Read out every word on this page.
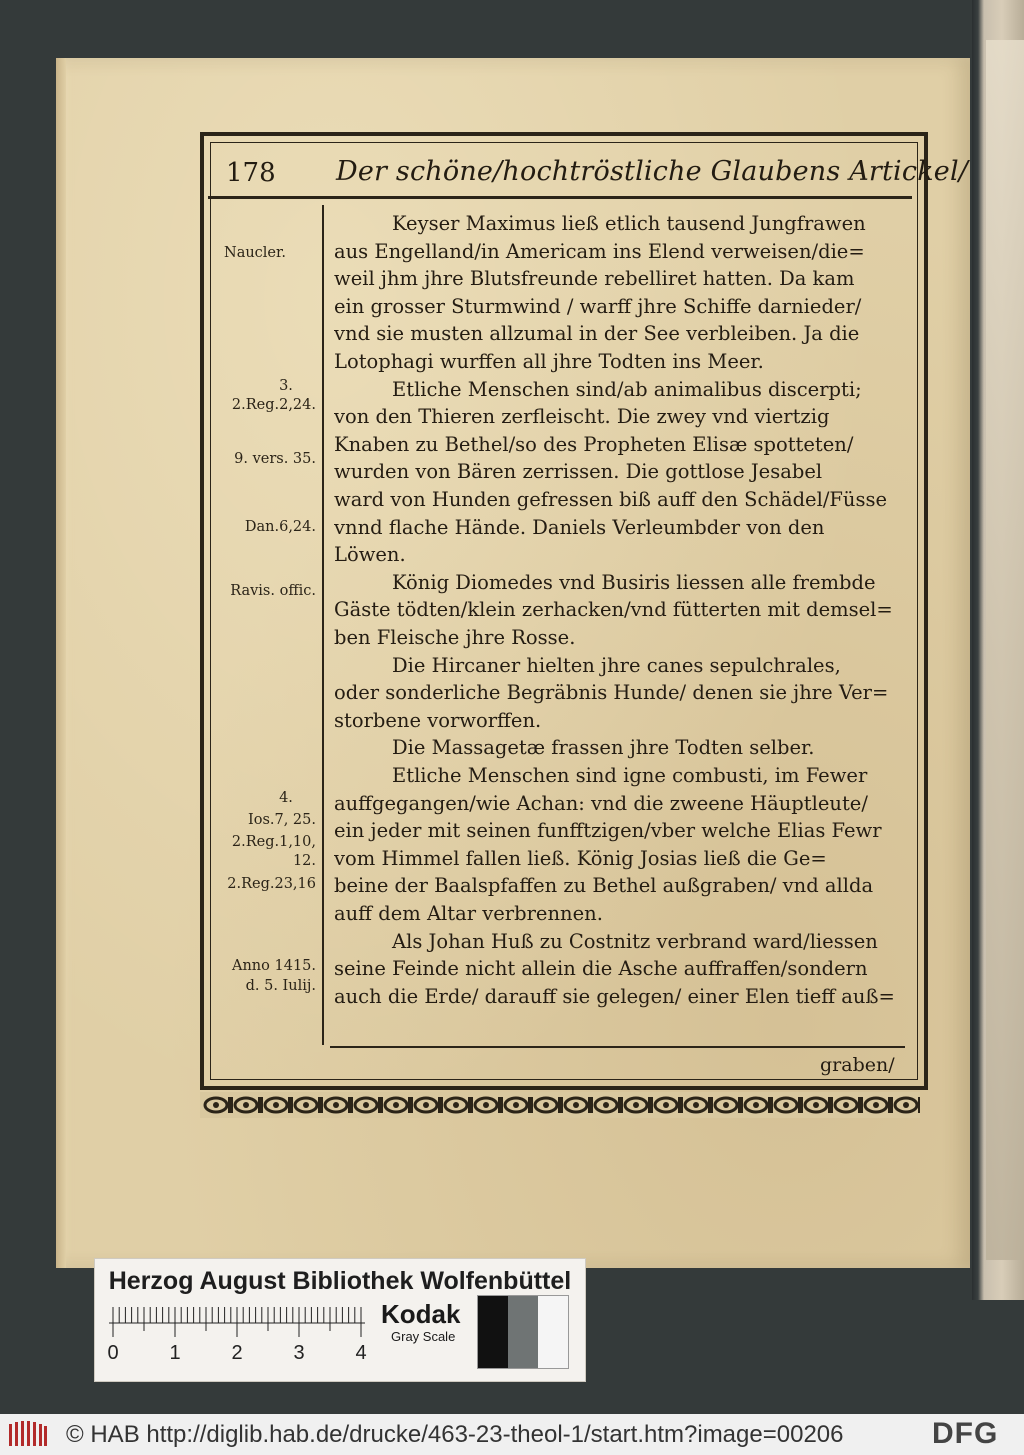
178 Der schöne/hochtröstliche Glaubens Artickel/
Keyser Maximus ließ etlich tausend Jungfrawen
aus Engelland/in Americam ins Elend verweisen/die=
weil jhm jhre Blutsfreunde rebelliret hatten. Da kam
ein grosser Sturmwind / warff jhre Schiffe darnieder/
vnd sie musten allzumal in der See verbleiben. Ja die
Lotophagi wurffen all jhre Todten ins Meer.
Etliche Menschen sind/ab animalibus discerpti;
von den Thieren zerfleischt. Die zwey vnd viertzig
Knaben zu Bethel/so des Propheten Elisæ spotteten/
wurden von Bären zerrissen. Die gottlose Jesabel
ward von Hunden gefressen biß auff den Schädel/Füsse
vnnd flache Hände. Daniels Verleumbder von den
Löwen.
König Diomedes vnd Busiris liessen alle frembde
Gäste tödten/klein zerhacken/vnd fütterten mit demsel=
ben Fleische jhre Rosse.
Die Hircaner hielten jhre canes sepulchrales,
oder sonderliche Begräbnis Hunde/ denen sie jhre Ver=
storbene vorworffen.
Die Massagetæ frassen jhre Todten selber.
Etliche Menschen sind igne combusti, im Fewer
auffgegangen/wie Achan: vnd die zweene Häuptleute/
ein jeder mit seinen funfftzigen/vber welche Elias Fewr
vom Himmel fallen ließ. König Josias ließ die Ge=
beine der Baalspfaffen zu Bethel außgraben/ vnd allda
auff dem Altar verbrennen.
Als Johan Huß zu Costnitz verbrand ward/liessen
seine Feinde nicht allein die Asche auffraffen/sondern
auch die Erde/ darauff sie gelegen/ einer Elen tieff auß=
Naucler.
3.
2.Reg.2,24.
9. vers. 35.
Dan.6,24.
Ravis. offic.
4.
Ios.7, 25.
2.Reg.1,10,
12.
2.Reg.23,16
Anno 1415.
d. 5. Iulij.
graben/
Herzog August Bibliothek Wolfenbüttel
0	1	2	3	4
Kodak
Gray Scale
© HAB http://diglib.hab.de/drucke/463-23-theol-1/start.htm?image=00206	DFG
